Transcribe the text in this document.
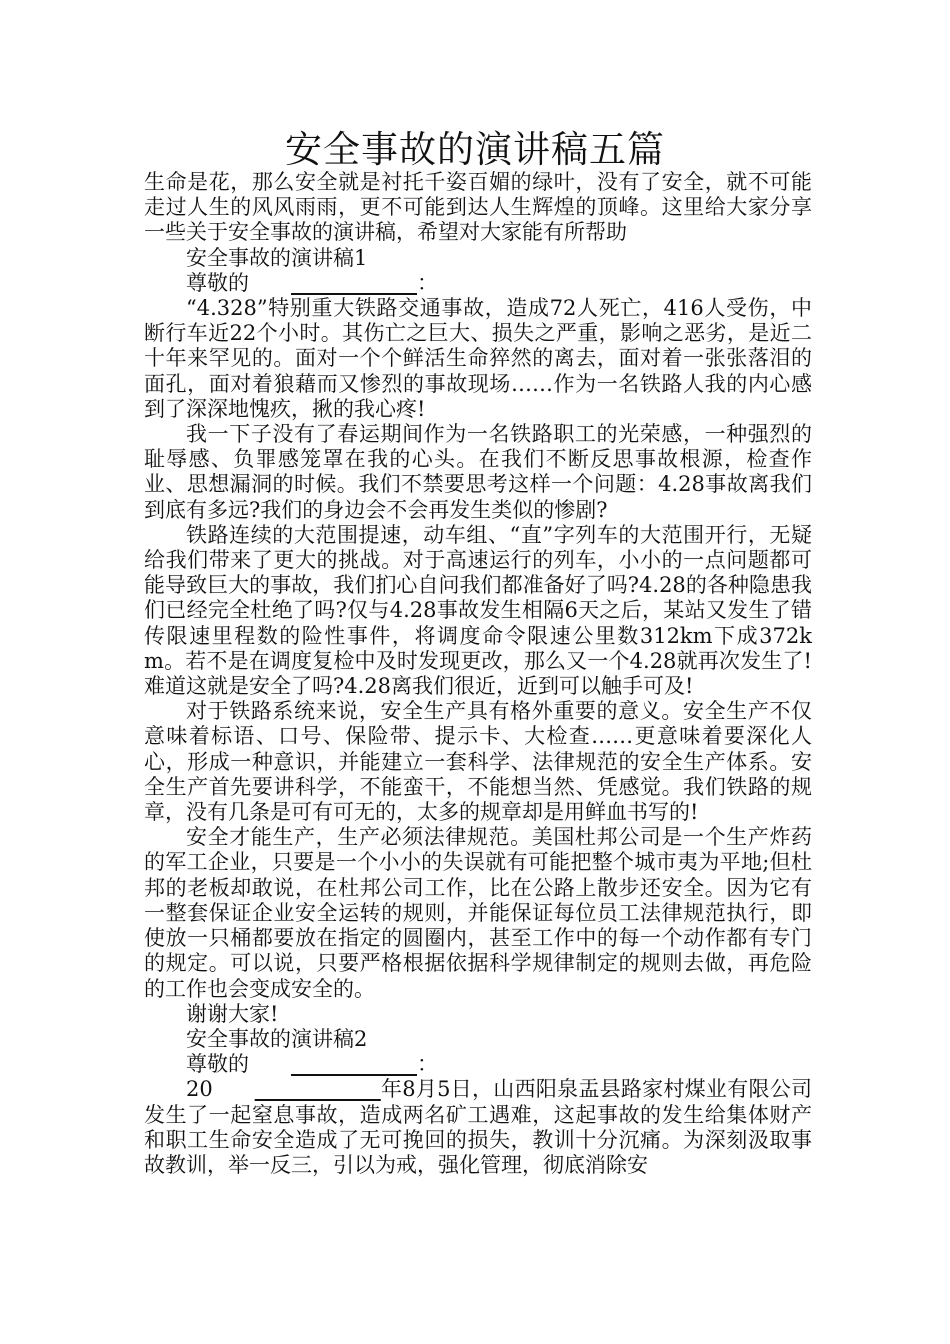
安全事故的演讲稿五篇

生命是花，那么安全就是衬托千姿百媚的绿叶，没有了安全，就不可能走过人生的风风雨雨，更不可能到达人生辉煌的顶峰。这里给大家分享一些关于安全事故的演讲稿，希望对大家能有所帮助

安全事故的演讲稿1

尊敬的 ____________：

“4.328”特别重大铁路交通事故，造成72人死亡，416人受伤，中断行车近22个小时。其伤亡之巨大、损失之严重，影响之恶劣，是近二十年来罕见的。面对一个个鲜活生命猝然的离去，面对着一张张落泪的面孔，面对着狼藉而又惨烈的事故现场……作为一名铁路人我的内心感到了深深地愧疚，揪的我心疼!

我一下子没有了春运期间作为一名铁路职工的光荣感，一种强烈的耻辱感、负罪感笼罩在我的心头。在我们不断反思事故根源，检查作业、思想漏洞的时候。我们不禁要思考这样一个问题：4.28事故离我们到底有多远?我们的身边会不会再发生类似的惨剧?

铁路连续的大范围提速，动车组、“直”字列车的大范围开行，无疑给我们带来了更大的挑战。对于高速运行的列车，小小的一点问题都可能导致巨大的事故，我们扪心自问我们都准备好了吗?4.28的各种隐患我们已经完全杜绝了吗?仅与4.28事故发生相隔6天之后，某站又发生了错传限速里程数的险性事件，将调度命令限速公里数312km下成372km。若不是在调度复检中及时发现更改，那么又一个4.28就再次发生了!难道这就是安全了吗?4.28离我们很近，近到可以触手可及!

对于铁路系统来说，安全生产具有格外重要的意义。安全生产不仅意味着标语、口号、保险带、提示卡、大检查……更意味着要深化人心，形成一种意识，并能建立一套科学、法律规范的安全生产体系。安全生产首先要讲科学，不能蛮干，不能想当然、凭感觉。我们铁路的规章，没有几条是可有可无的，太多的规章却是用鲜血书写的!

安全才能生产，生产必须法律规范。美国杜邦公司是一个生产炸药的军工企业，只要是一个小小的失误就有可能把整个城市夷为平地;但杜邦的老板却敢说，在杜邦公司工作，比在公路上散步还安全。因为它有一整套保证企业安全运转的规则，并能保证每位员工法律规范执行，即使放一只桶都要放在指定的圆圈内，甚至工作中的每一个动作都有专门的规定。可以说，只要严格根据依据科学规律制定的规则去做，再危险的工作也会变成安全的。

谢谢大家!

安全事故的演讲稿2

尊敬的 ____________：

20 ____________年8月5日，山西阳泉盂县路家村煤业有限公司发生了一起窒息事故，造成两名矿工遇难，这起事故的发生给集体财产和职工生命安全造成了无可挽回的损失，教训十分沉痛。为深刻汲取事故教训，举一反三，引以为戒，强化管理，彻底消除安
